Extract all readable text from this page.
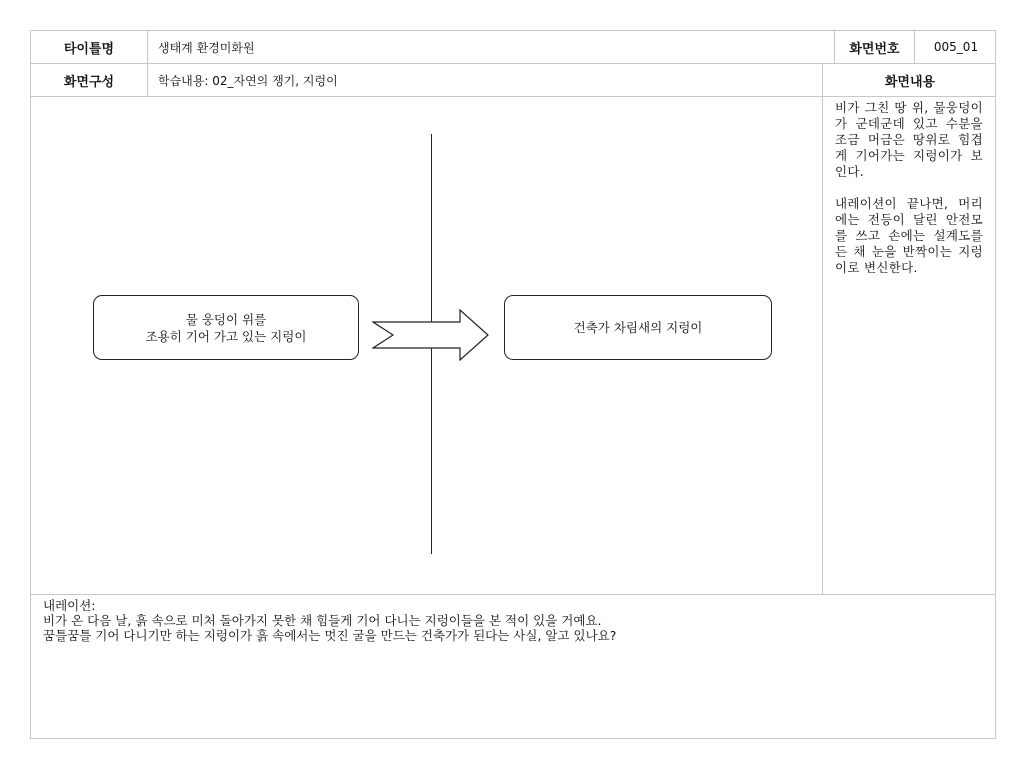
타이틀명	생태계 환경미화원	화면번호	005_01
화면구성	학습내용: 02_자연의 쟁기, 지렁이	화면내용
물 웅덩이 위를
조용히 기어 가고 있는 지렁이
건축가 차림새의 지렁이

비가 그친 땅 위, 물웅덩이가 군데군데 있고 수분을 조금 머금은 땅위로 힘겹게 기어가는 지렁이가 보인다.

내레이션이 끝나면, 머리에는 전등이 달린 안전모를 쓰고 손에는 설계도를 든 채 눈을 반짝이는 지렁이로 변신한다.

내레이션:
비가 온 다음 날, 흙 속으로 미처 돌아가지 못한 채 힘들게 기어 다니는 지렁이들을 본 적이 있을 거예요.
꿈틀꿈틀 기어 다니기만 하는 지렁이가 흙 속에서는 멋진 굴을 만드는 건축가가 된다는 사실, 알고 있나요?
